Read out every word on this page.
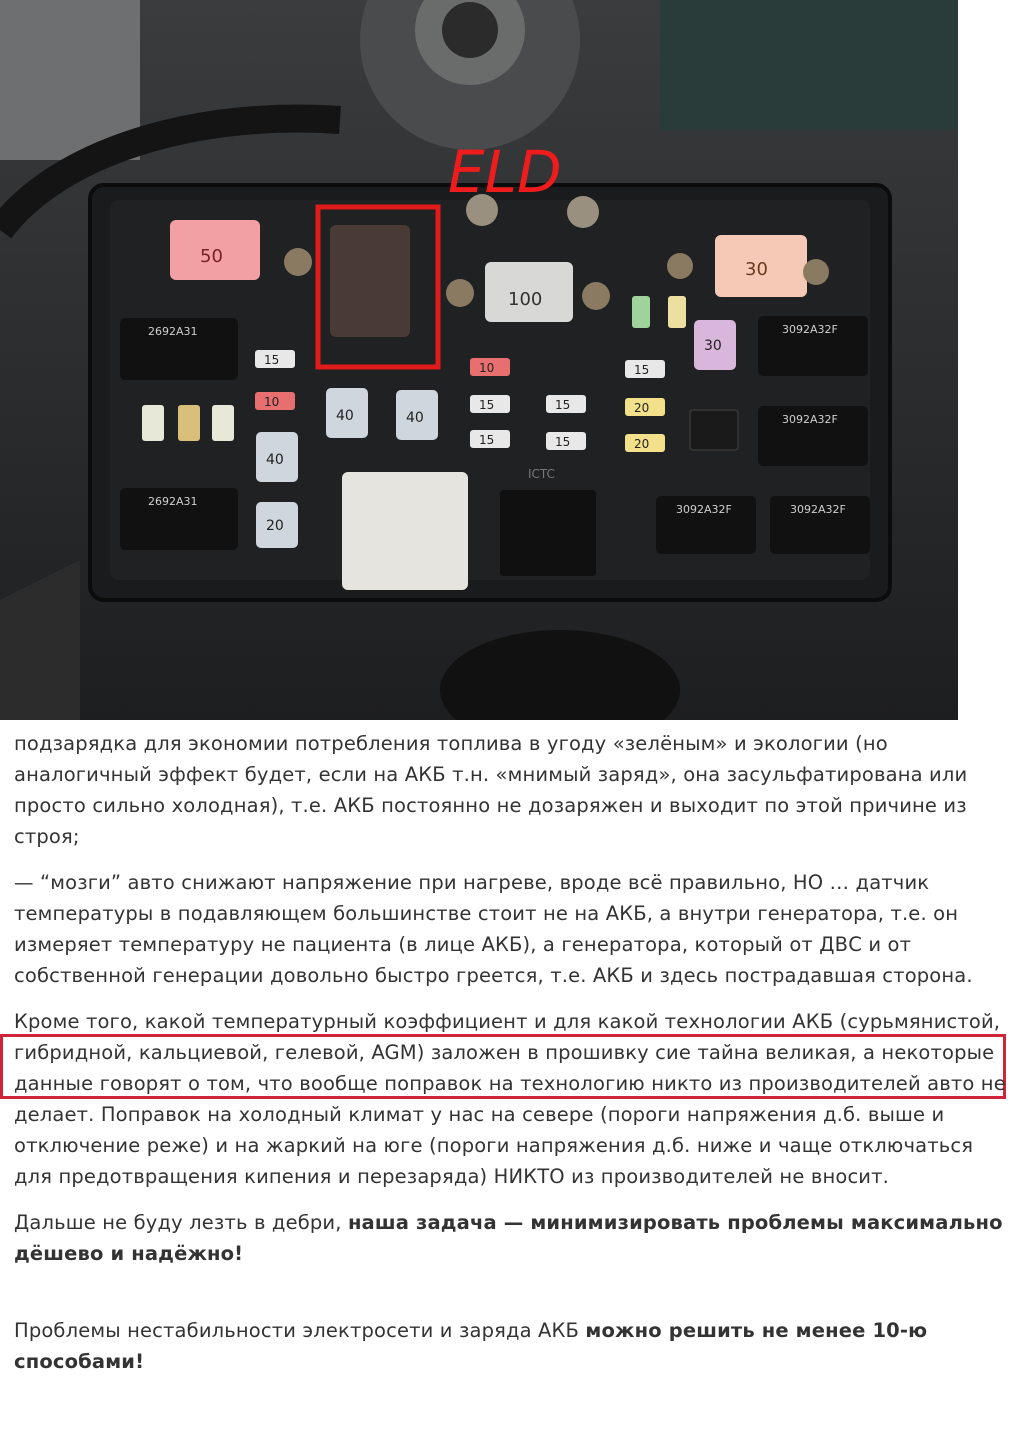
50
100
30
ELD
2692A31
2692A31
3092A32F
3092A32F
3092A32F	3092A32F
15
10
10
15
15
15
15
15
20
20
40	40
40
20
30
ICTC

подзарядка для экономии потребления топлива в угоду «зелёным» и экологии (но аналогичный эффект будет, если на АКБ т.н. «мнимый заряд», она засульфатирована или просто сильно холодная), т.е. АКБ постоянно не дозаряжен и выходит по этой причине из строя;

— “мозги” авто снижают напряжение при нагреве, вроде всё правильно, НО … датчик температуры в подавляющем большинстве стоит не на АКБ, а внутри генератора, т.е. он измеряет температуру не пациента (в лице АКБ), а генератора, который от ДВС и от собственной генерации довольно быстро греется, т.е. АКБ и здесь пострадавшая сторона.

Кроме того, какой температурный коэффициент и для какой технологии АКБ (сурьмянистой, гибридной, кальциевой, гелевой, AGM) заложен в прошивку сие тайна великая, а некоторые данные говорят о том, что вообще поправок на технологию никто из производителей авто не делает. Поправок на холодный климат у нас на севере (пороги напряжения д.б. выше и отключение реже) и на жаркий на юге (пороги напряжения д.б. ниже и чаще отключаться для предотвращения кипения и перезаряда) НИКТО из производителей не вносит.

Дальше не буду лезть в дебри, наша задача — минимизировать проблемы максимально дёшево и надёжно!

Проблемы нестабильности электросети и заряда АКБ можно решить не менее 10-ю способами!
